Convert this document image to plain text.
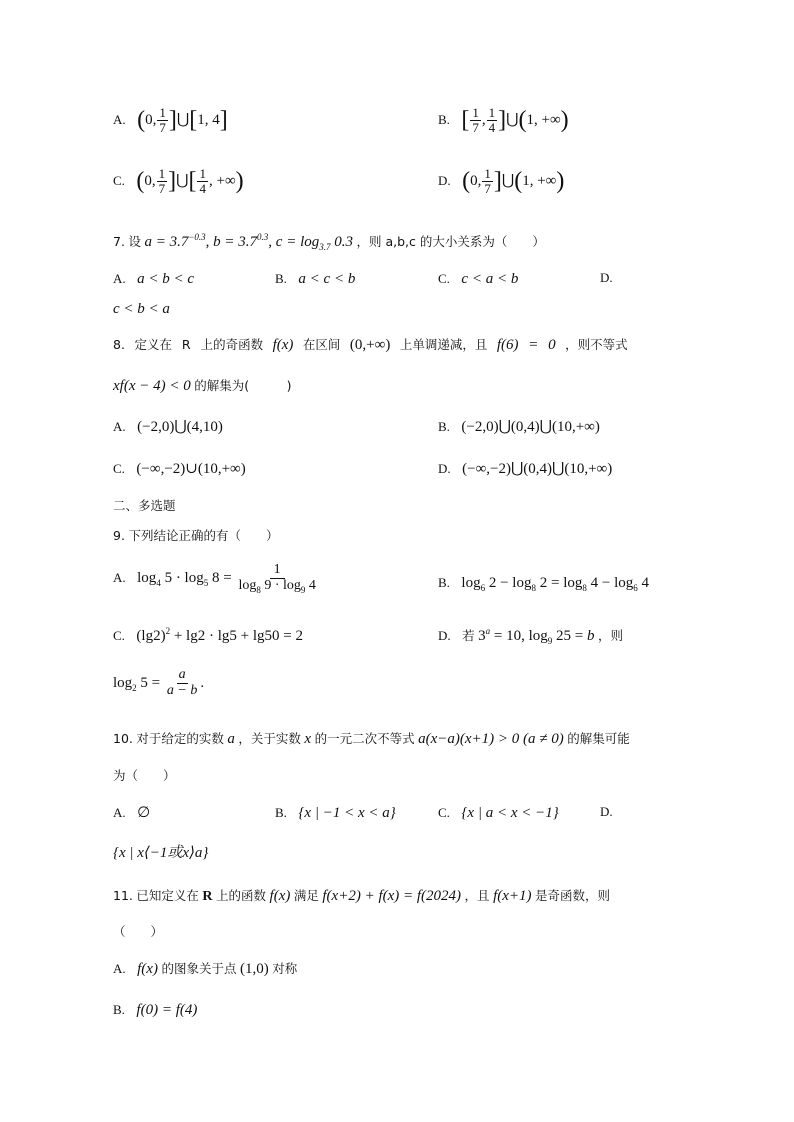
A. (0, $\frac{1}{7}$ ]⋃[1, 4]	B. [ $\frac{1}{7}$ , $\frac{1}{4}$ ]⋃(1, +∞)
C. (0, $\frac{1}{7}$ ]⋃[ $\frac{1}{4}$ , +∞)	D. (0, $\frac{1}{7}$ ]⋃(1, +∞)
7. 设 $a = 3.7^{-0.3}$, $b = 3.7^{0.3}$, $c = \log_{3.7} 0.3$ ，则 a,b,c 的大小关系为（　　）
A. a < b < c	B. a < c < b	C. c < a < b	D.
c < b < a
8. 定义在 R 上的奇函数 f(x) 在区间 (0,+∞) 上单调递减，且 f(6) = 0 ，则不等式
xf(x − 4) < 0 的解集为(　　　)
A. (−2,0)⋃(4,10)	B. (−2,0)⋃(0,4)⋃(10,+∞)
C. (−∞,−2)∪(10,+∞)	D. (−∞,−2)⋃(0,4)⋃(10,+∞)
二、多选题
9. 下列结论正确的有（　　）
A. $\log_4 5 \cdot \log_5 8 = \frac{1}{\log_8 9 \cdot \log_9 4}$	B. $\log_6 2 - \log_8 2 = \log_8 4 - \log_6 4$
C. $(\lg 2)^2 + \lg 2 \cdot \lg 5 + \lg 50 = 2$	D. 若 $3^a = 10$, $\log_9 25 = b$ ，则
$\log_2 5 = \frac{a}{a - b}$ .
10. 对于给定的实数 a ，关于实数 x 的一元二次不等式 a(x−a)(x+1) > 0 (a ≠ 0) 的解集可能
为（　　）
A. ∅	B. {x | −1 < x < a}	C. {x | a < x < −1}	D.
{x | x⟨−1或x⟩a}
11. 已知定义在 R 上的函数 f(x) 满足 f(x+2) + f(x) = f(2024) ，且 f(x+1) 是奇函数，则
（　　）
A. f(x) 的图象关于点 (1,0) 对称
B. f(0) = f(4)
